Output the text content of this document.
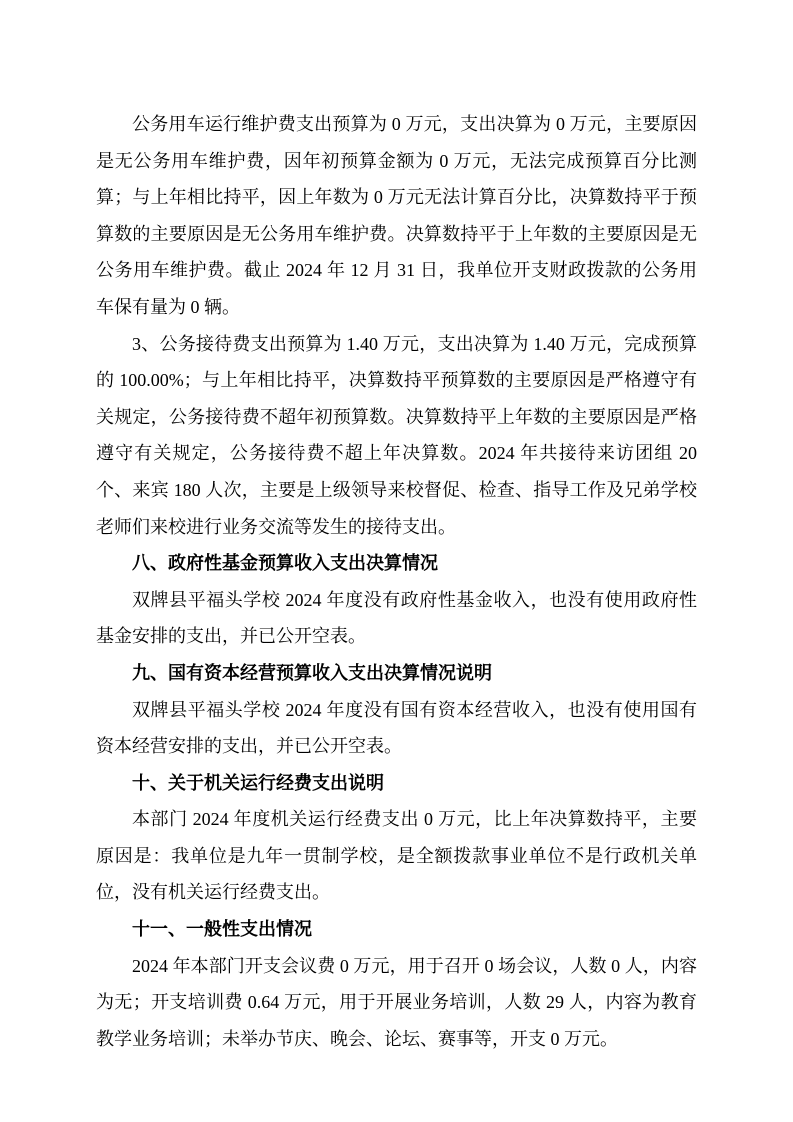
公务用车运行维护费支出预算为 0 万元，支出决算为 0 万元，主要原因是无公务用车维护费，因年初预算金额为 0 万元，无法完成预算百分比测算；与上年相比持平，因上年数为 0 万元无法计算百分比，决算数持平于预算数的主要原因是无公务用车维护费。决算数持平于上年数的主要原因是无公务用车维护费。截止 2024 年 12 月 31 日，我单位开支财政拨款的公务用车保有量为 0 辆。

3、公务接待费支出预算为 1.40 万元，支出决算为 1.40 万元，完成预算的 100.00%；与上年相比持平，决算数持平预算数的主要原因是严格遵守有关规定，公务接待费不超年初预算数。决算数持平上年数的主要原因是严格遵守有关规定，公务接待费不超上年决算数。2024 年共接待来访团组 20 个、来宾 180 人次，主要是上级领导来校督促、检查、指导工作及兄弟学校老师们来校进行业务交流等发生的接待支出。

八、政府性基金预算收入支出决算情况

双牌县平福头学校 2024 年度没有政府性基金收入，也没有使用政府性基金安排的支出，并已公开空表。

九、国有资本经营预算收入支出决算情况说明

双牌县平福头学校 2024 年度没有国有资本经营收入，也没有使用国有资本经营安排的支出，并已公开空表。

十、关于机关运行经费支出说明

本部门 2024 年度机关运行经费支出 0 万元，比上年决算数持平，主要原因是：我单位是九年一贯制学校，是全额拨款事业单位不是行政机关单位，没有机关运行经费支出。

十一、一般性支出情况

2024 年本部门开支会议费 0 万元，用于召开 0 场会议，人数 0 人，内容为无；开支培训费 0.64 万元，用于开展业务培训，人数 29 人，内容为教育教学业务培训；未举办节庆、晚会、论坛、赛事等，开支 0 万元。
